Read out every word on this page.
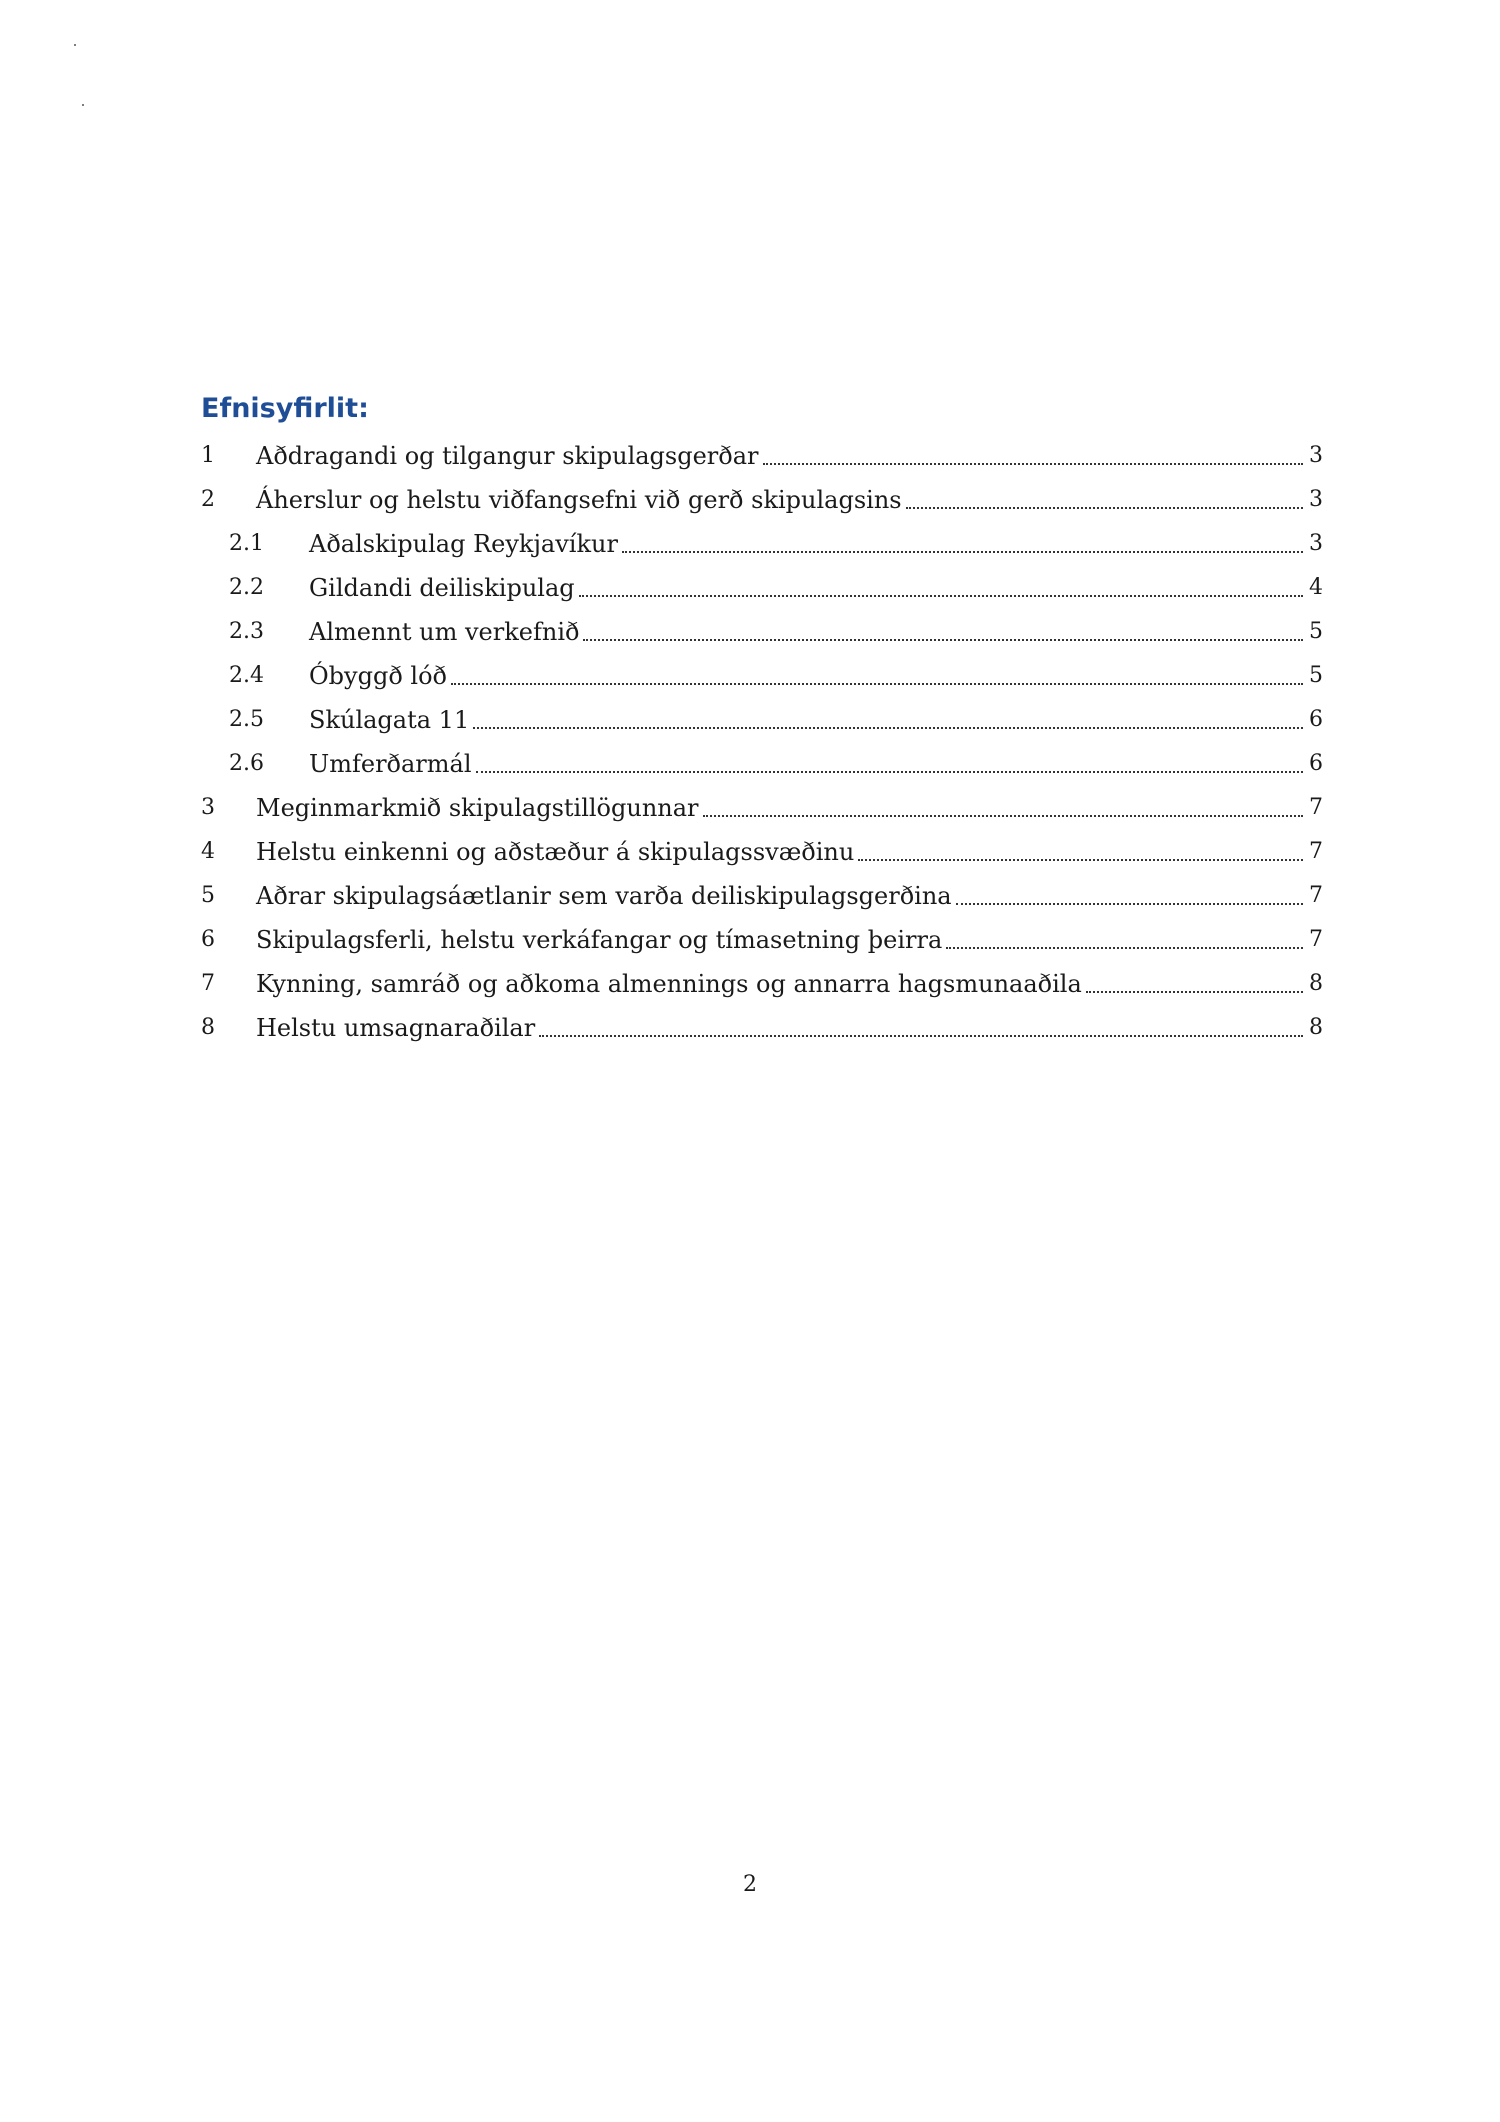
Efnisyfirlit:
1	Aðdragandi og tilgangur skipulagsgerðar	3
2	Áherslur og helstu viðfangsefni við gerð skipulagsins	3
2.1	Aðalskipulag Reykjavíkur	3
2.2	Gildandi deiliskipulag	4
2.3	Almennt um verkefnið	5
2.4	Óbyggð lóð	5
2.5	Skúlagata 11	6
2.6	Umferðarmál	6
3	Meginmarkmið skipulagstillögunnar	7
4	Helstu einkenni og aðstæður á skipulagssvæðinu	7
5	Aðrar skipulagsáætlanir sem varða deiliskipulagsgerðina	7
6	Skipulagsferli, helstu verkáfangar og tímasetning þeirra	7
7	Kynning, samráð og aðkoma almennings og annarra hagsmunaaðila	8
8	Helstu umsagnaraðilar	8
2
